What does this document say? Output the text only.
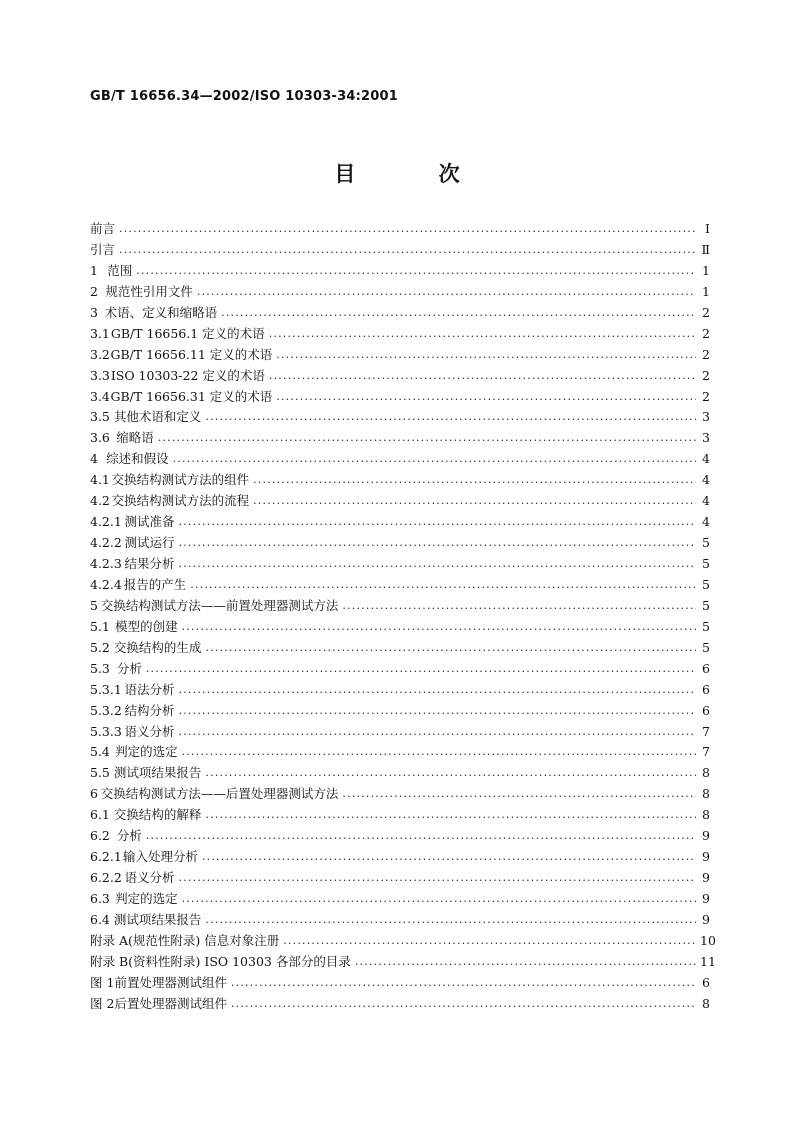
GB/T 16656.34—2002/ISO 10303-34:2001
目 次
前言 ·····	Ⅰ
引言 ·····	Ⅱ
1 范围 ·····	1
2 规范性引用文件 ·····	1
3 术语、定义和缩略语 ·····	2
3.1 GB/T 16656.1 定义的术语 ·····	2
3.2 GB/T 16656.11 定义的术语 ·····	2
3.3 ISO 10303-22 定义的术语 ·····	2
3.4 GB/T 16656.31 定义的术语 ·····	2
3.5 其他术语和定义 ·····	3
3.6 缩略语 ·····	3
4 综述和假设 ·····	4
4.1 交换结构测试方法的组件 ·····	4
4.2 交换结构测试方法的流程 ·····	4
4.2.1 测试准备 ·····	4
4.2.2 测试运行 ·····	5
4.2.3 结果分析 ·····	5
4.2.4 报告的产生 ·····	5
5 交换结构测试方法——前置处理器测试方法 ·····	5
5.1 模型的创建 ·····	5
5.2 交换结构的生成 ·····	5
5.3 分析 ·····	6
5.3.1 语法分析 ·····	6
5.3.2 结构分析 ·····	6
5.3.3 语义分析 ·····	7
5.4 判定的选定 ·····	7
5.5 测试项结果报告 ·····	8
6 交换结构测试方法——后置处理器测试方法 ·····	8
6.1 交换结构的解释 ·····	8
6.2 分析 ·····	9
6.2.1 输入处理分析 ·····	9
6.2.2 语义分析 ·····	9
6.3 判定的选定 ·····	9
6.4 测试项结果报告 ·····	9
附录 A(规范性附录) 信息对象注册 ·····	10
附录 B(资料性附录) ISO 10303 各部分的目录 ·····	11
图 1 前置处理器测试组件 ·····	6
图 2 后置处理器测试组件 ·····	8
